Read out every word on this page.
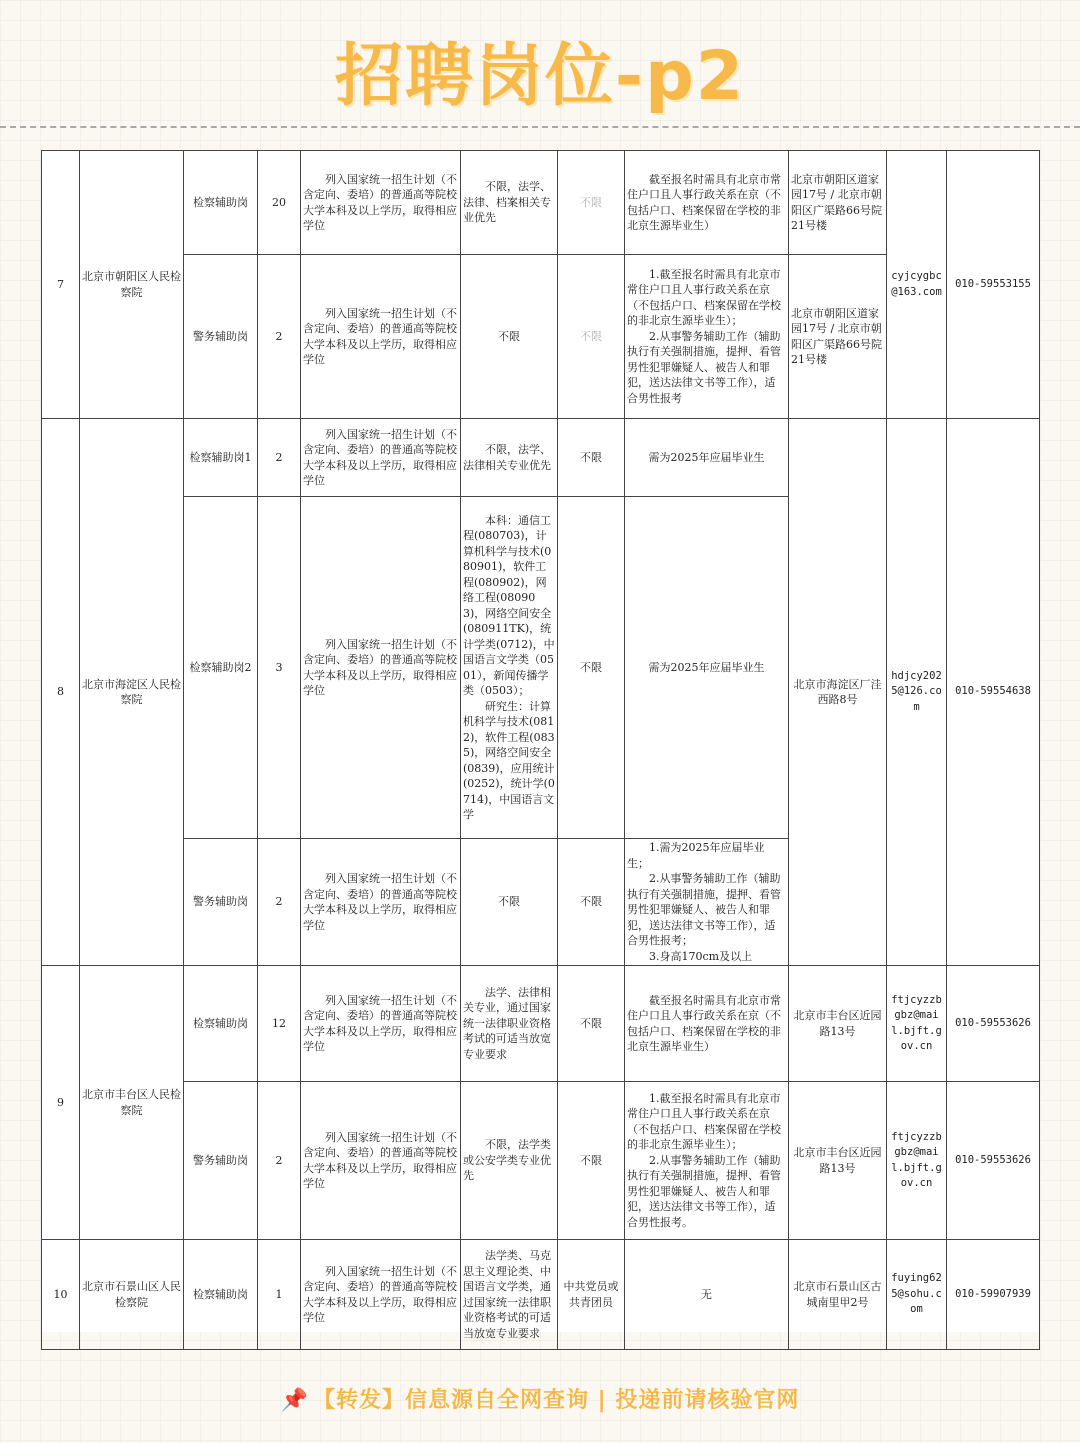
招聘岗位-p2
7	北京市朝阳区人民检察院	检察辅助岗	20	列入国家统一招生计划（不含定向、委培）的普通高等院校大学本科及以上学历，取得相应学位	不限，法学、法律、档案相关专业优先	不限	截至报名时需具有北京市常住户口且人事行政关系在京（不包括户口、档案保留在学校的非北京生源毕业生）	北京市朝阳区道家园17号 / 北京市朝阳区广渠路66号院21号楼	cyjcygbc@163.com	010-59553155
		警务辅助岗	2	列入国家统一招生计划（不含定向、委培）的普通高等院校大学本科及以上学历，取得相应学位	不限	不限	1.截至报名时需具有北京市常住户口且人事行政关系在京（不包括户口、档案保留在学校的非北京生源毕业生）；
2.从事警务辅助工作（辅助执行有关强制措施，提押、看管男性犯罪嫌疑人、被告人和罪犯，送达法律文书等工作），适合男性报考	北京市朝阳区道家园17号 / 北京市朝阳区广渠路66号院21号楼		
8	北京市海淀区人民检察院	检察辅助岗1	2	列入国家统一招生计划（不含定向、委培）的普通高等院校大学本科及以上学历，取得相应学位	不限，法学、法律相关专业优先	不限	需为2025年应届毕业生	北京市海淀区厂洼西路8号	hdjcy2025@126.com	010-59554638
		检察辅助岗2	3	列入国家统一招生计划（不含定向、委培）的普通高等院校大学本科及以上学历，取得相应学位	本科：通信工程(080703)，计算机科学与技术(080901)，软件工程(080902)，网络工程(080903)，网络空间安全(080911TK)，统计学类(0712)，中国语言文学类（0501），新闻传播学类（0503）；
研究生：计算机科学与技术(0812)，软件工程(0835)，网络空间安全(0839)，应用统计(0252)，统计学(0714)，中国语言文学	不限	需为2025年应届毕业生			
		警务辅助岗	2	列入国家统一招生计划（不含定向、委培）的普通高等院校大学本科及以上学历，取得相应学位	不限	不限	1.需为2025年应届毕业生；
2.从事警务辅助工作（辅助执行有关强制措施，提押、看管男性犯罪嫌疑人、被告人和罪犯，送达法律文书等工作），适合男性报考；
3.身高170cm及以上			

9	北京市丰台区人民检察院	检察辅助岗	12	列入国家统一招生计划（不含定向、委培）的普通高等院校大学本科及以上学历，取得相应学位	法学、法律相关专业，通过国家统一法律职业资格考试的可适当放宽专业要求	不限	截至报名时需具有北京市常住户口且人事行政关系在京（不包括户口、档案保留在学校的非北京生源毕业生）	北京市丰台区近园路13号	ftjcyzzbgbz@mail.bjft.gov.cn	010-59553626
		警务辅助岗	2	列入国家统一招生计划（不含定向、委培）的普通高等院校大学本科及以上学历，取得相应学位	不限，法学类或公安学类专业优先	不限	1.截至报名时需具有北京市常住户口且人事行政关系在京（不包括户口、档案保留在学校的非北京生源毕业生）；
2.从事警务辅助工作（辅助执行有关强制措施，提押、看管男性犯罪嫌疑人、被告人和罪犯，送达法律文书等工作），适合男性报考。	北京市丰台区近园路13号	ftjcyzzbgbz@mail.bjft.gov.cn	010-59553626
10	北京市石景山区人民检察院	检察辅助岗	1	列入国家统一招生计划（不含定向、委培）的普通高等院校大学本科及以上学历，取得相应学位	法学类、马克思主义理论类、中国语言文学类，通过国家统一法律职业资格考试的可适当放宽专业要求	中共党员或共青团员	无	北京市石景山区古城南里甲2号	fuying625@sohu.com	010-59907939
📌 【转发】信息源自全网查询 | 投递前请核验官网
